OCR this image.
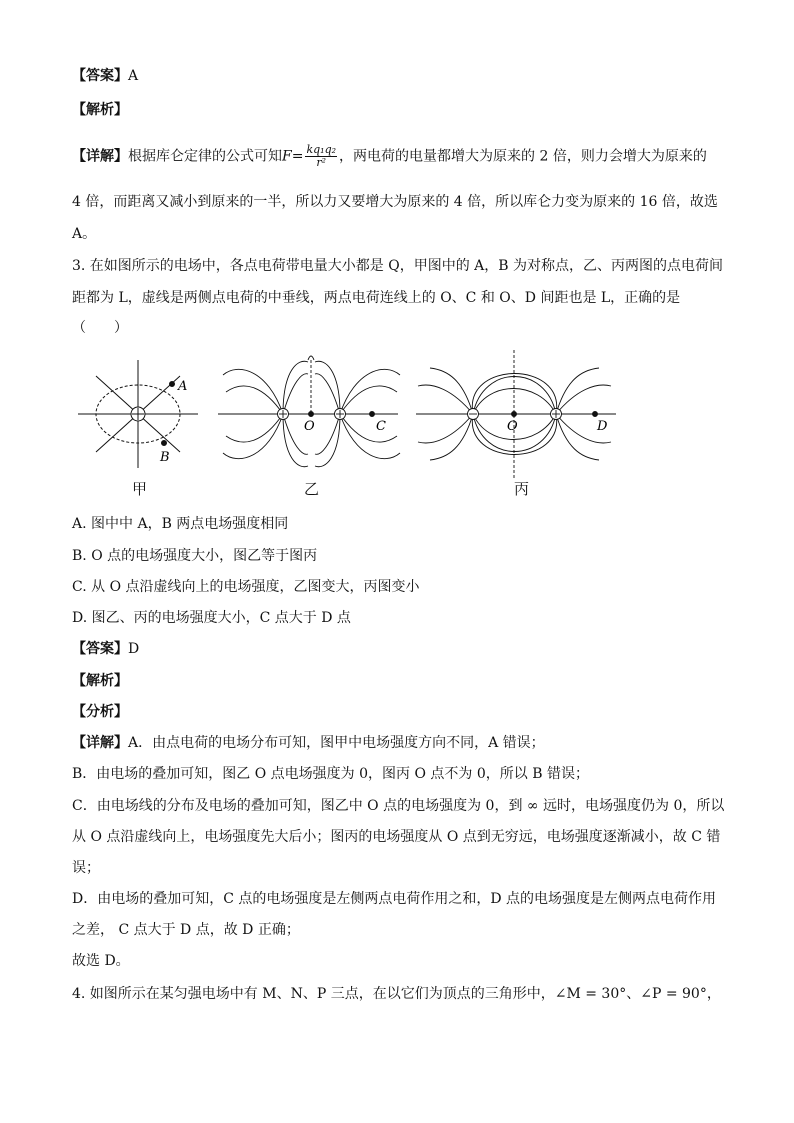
【答案】A
【解析】
【详解】根据库仑定律的公式可知$F= \frac{\text{kq₁q₂}}{\text{r²}}$ ，两电荷的电量都增大为原来的 2 倍，则力会增大为原来的
4 倍，而距离又减小到原来的一半，所以力又要增大为原来的 4 倍，所以库仑力变为原来的 16 倍，故选
A。
3. 在如图所示的电场中，各点电荷带电量大小都是 Q，甲图中的 A，B 为对称点，乙、丙两图的点电荷间
距都为 L，虚线是两侧点电荷的中垂线，两点电荷连线上的 O、C 和 O、D 间距也是 L，正确的是
（　　）
A
B
O	C	O	D
甲	乙	丙
A. 图中中 A，B 两点电场强度相同
B. O 点的电场强度大小，图乙等于图丙
C. 从 O 点沿虚线向上的电场强度，乙图变大，丙图变小
D. 图乙、丙的电场强度大小，C 点大于 D 点
【答案】D
【解析】
【分析】
【详解】A．由点电荷的电场分布可知，图甲中电场强度方向不同，A 错误；
B．由电场的叠加可知，图乙 O 点电场强度为 0，图丙 O 点不为 0，所以 B 错误；
C．由电场线的分布及电场的叠加可知，图乙中 O 点的电场强度为 0，到 ∞ 远时，电场强度仍为 0，所以
从 O 点沿虚线向上，电场强度先大后小；图丙的电场强度从 O 点到无穷远，电场强度逐渐减小，故 C 错
误；
D．由电场的叠加可知，C 点的电场强度是左侧两点电荷作用之和，D 点的电场强度是左侧两点电荷作用
之差， C 点大于 D 点，故 D 正确；
故选 D。
4. 如图所示在某匀强电场中有 M、N、P 三点，在以它们为顶点的三角形中，∠M = 30°、∠P = 90°，
